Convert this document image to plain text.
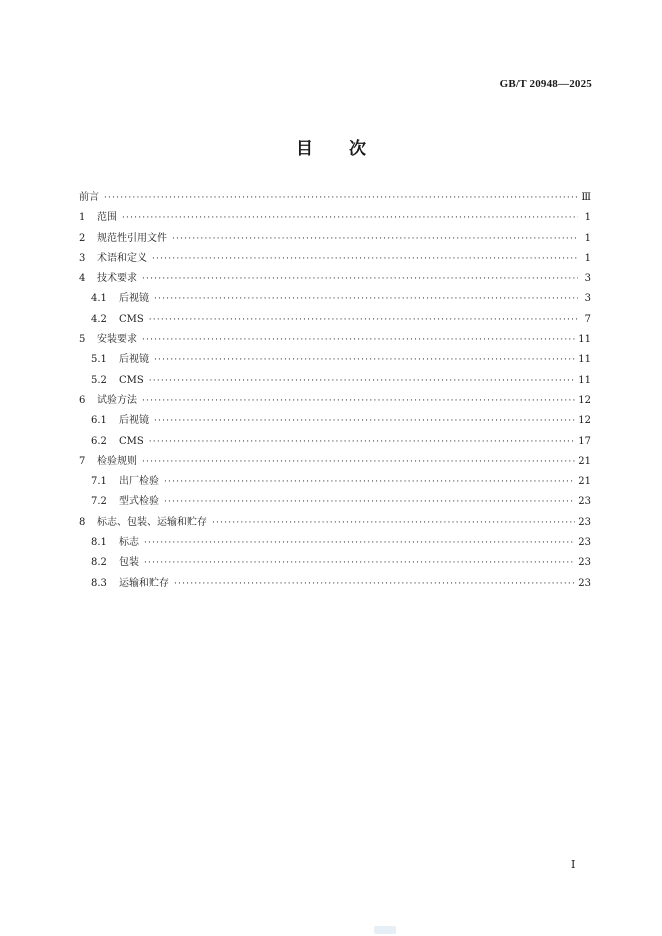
GB/T 20948—2025
目次
前言 ·····	Ⅲ
1	范围 ·····	1
2	规范性引用文件 ·····	1
3	术语和定义 ·····	1
4	技术要求 ·····	3
4.1	后视镜 ·····	3
4.2	CMS ·····	7
5	安装要求 ·····	11
5.1	后视镜 ·····	11
5.2	CMS ·····	11
6	试验方法 ·····	12
6.1	后视镜 ·····	12
6.2	CMS ·····	17
7	检验规则 ·····	21
7.1	出厂检验 ·····	21
7.2	型式检验 ·····	23
8	标志、包装、运输和贮存 ·····	23
8.1	标志 ·····	23
8.2	包装 ·····	23
8.3	运输和贮存 ·····	23
I
